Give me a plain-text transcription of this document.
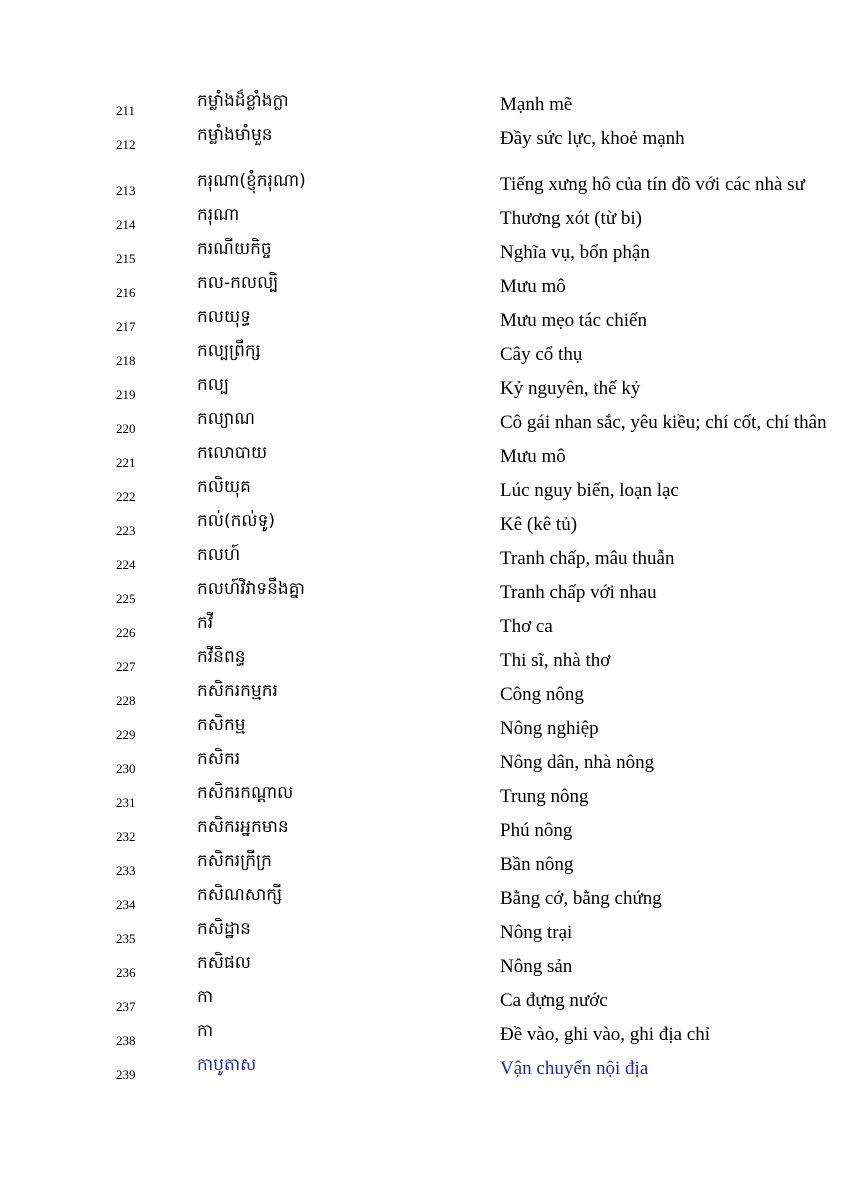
211	កម្លាំងដ៏ខ្លាំងក្លា	Mạnh mẽ
212	កម្លាំងមាំមួន	Đầy sức lực, khoẻ mạnh
213	ករុណា(ខ្ញុំករុណា)	Tiếng xưng hô của tín đồ với các nhà sư
214	ករុណា	Thương xót (từ bi)
215	ករណីយកិច្ច	Nghĩa vụ, bổn phận
216	កល-កលល្បិ	Mưu mô
217	កលយុទ្ធ	Mưu mẹo tác chiến
218	កល្បព្រឹក្ស	Cây cổ thụ
219	កល្ប	Kỷ nguyên, thế kỷ
220	កល្យាណ	Cô gái nhan sắc, yêu kiều; chí cốt, chí thân
221	កលោបាយ	Mưu mô
222	កលិយុគ	Lúc nguy biến, loạn lạc
223	កល់(កល់ទូ)	Kê (kê tủ)
224	កលហ៍	Tranh chấp, mâu thuẫn
225	កលហ៍វិវាទនឹងគ្នា	Tranh chấp với nhau
226	កវី	Thơ ca
227	កវីនិពន្ធ	Thi sĩ, nhà thơ
228	កសិករកម្មករ	Công nông
229	កសិកម្ម	Nông nghiệp
230	កសិករ	Nông dân, nhà nông
231	កសិករកណ្ដាល	Trung nông
232	កសិករអ្នកមាន	Phú nông
233	កសិករក្រីក្រ	Bần nông
234	កសិណសាក្សី	Bằng cớ, bằng chứng
235	កសិដ្ឋាន	Nông trại
236	កសិផល	Nông sản
237	កា	Ca đựng nước
238	កា	Đề vào, ghi vào, ghi địa chỉ
239	កាបូតាស	Vận chuyển nội địa
